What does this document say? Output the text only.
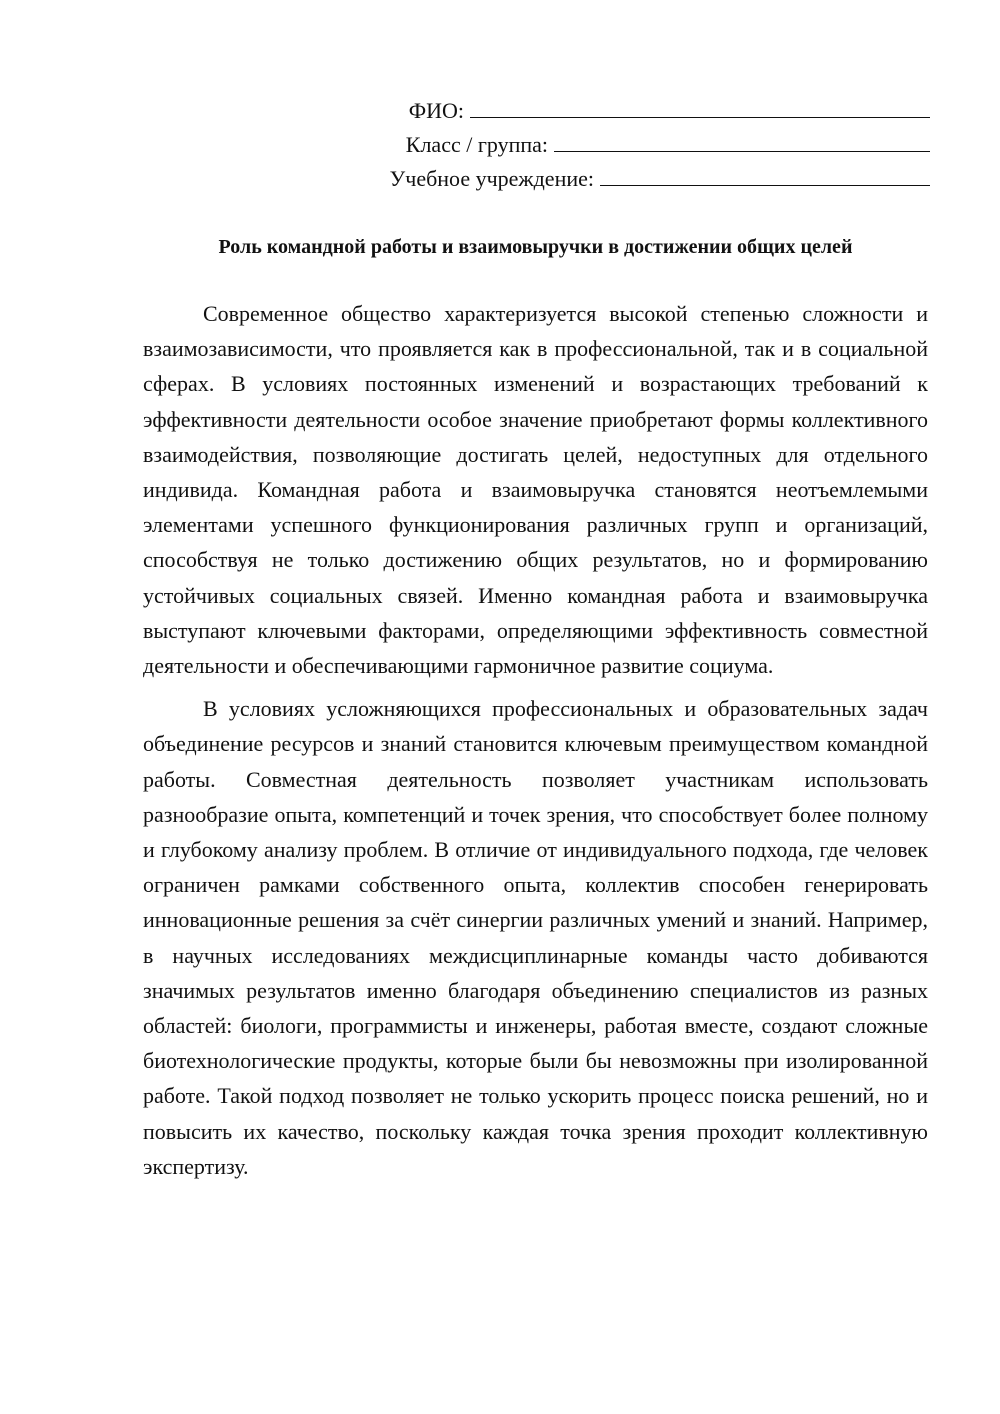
ФИО:
Класс / группа:
Учебное учреждение:
Роль командной работы и взаимовыручки в достижении общих целей

Современное общество характеризуется высокой степенью сложности и взаимозависимости, что проявляется как в профессиональной, так и в социальной сферах. В условиях постоянных изменений и возрастающих требований к эффективности деятельности особое значение приобретают формы коллективного взаимодействия, позволяющие достигать целей, недоступных для отдельного индивида. Командная работа и взаимовыручка становятся неотъемлемыми элементами успешного функционирования различных групп и организаций, способствуя не только достижению общих результатов, но и формированию устойчивых социальных связей. Именно командная работа и взаимовыручка выступают ключевыми факторами, определяющими эффективность совместной деятельности и обеспечивающими гармоничное развитие социума.

В условиях усложняющихся профессиональных и образовательных задач объединение ресурсов и знаний становится ключевым преимуществом командной работы. Совместная деятельность позволяет участникам использовать разнообразие опыта, компетенций и точек зрения, что способствует более полному и глубокому анализу проблем. В отличие от индивидуального подхода, где человек ограничен рамками собственного опыта, коллектив способен генерировать инновационные решения за счёт синергии различных умений и знаний. Например, в научных исследованиях междисциплинарные команды часто добиваются значимых результатов именно благодаря объединению специалистов из разных областей: биологи, программисты и инженеры, работая вместе, создают сложные биотехнологические продукты, которые были бы невозможны при изолированной работе. Такой подход позволяет не только ускорить процесс поиска решений, но и повысить их качество, поскольку каждая точка зрения проходит коллективную экспертизу.
